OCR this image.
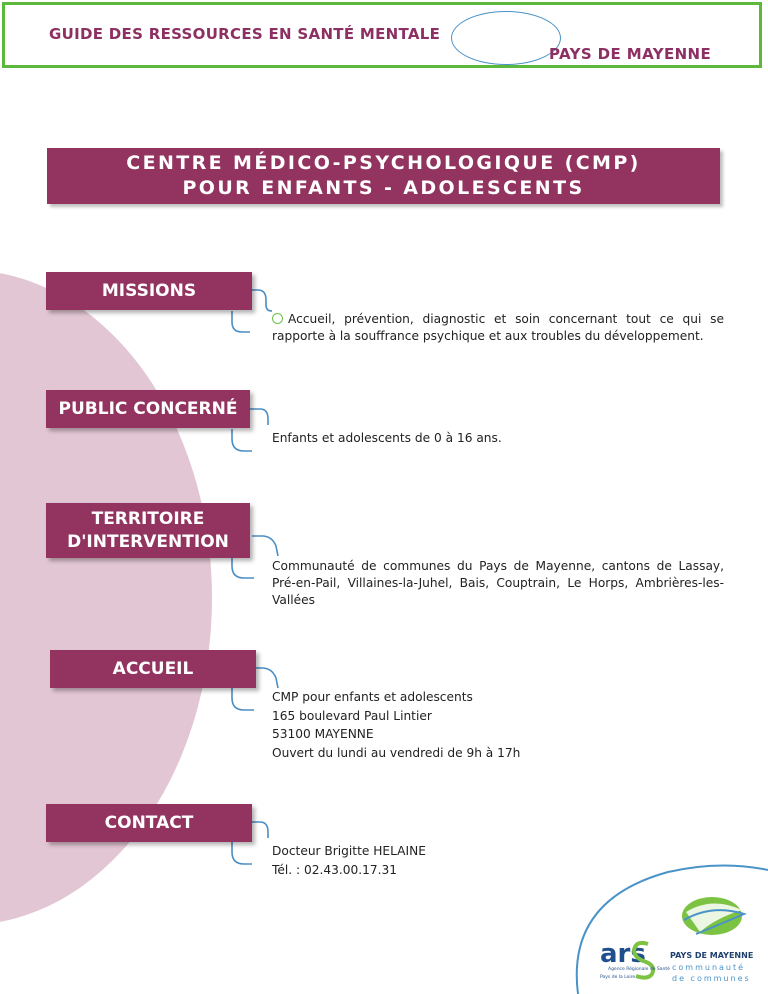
GUIDE DES RESSOURCES EN SANTÉ MENTALE
PAYS DE MAYENNE
CENTRE MÉDICO-PSYCHOLOGIQUE (CMP)
POUR ENFANTS - ADOLESCENTS
MISSIONS
Accueil, prévention, diagnostic et soin concernant tout ce qui se rapporte à la souffrance psychique et aux troubles du développement.
PUBLIC CONCERNÉ
Enfants et adolescents de 0 à 16 ans.
TERRITOIRE
D'INTERVENTION
Communauté de communes du Pays de Mayenne, cantons de Lassay, Pré-en-Pail, Villaines-la-Juhel, Bais, Couptrain, Le Horps, Ambrières-les-Vallées
ACCUEIL
CMP pour enfants et adolescents
165 boulevard Paul Lintier
53100 MAYENNE
Ouvert du lundi au vendredi de 9h à 17h
CONTACT
Docteur Brigitte HELAINE
Tél. : 02.43.00.17.31
ars
Agence Régionale de Santé
Pays de la Loire
PAYS DE MAYENNE
communauté
de communes
